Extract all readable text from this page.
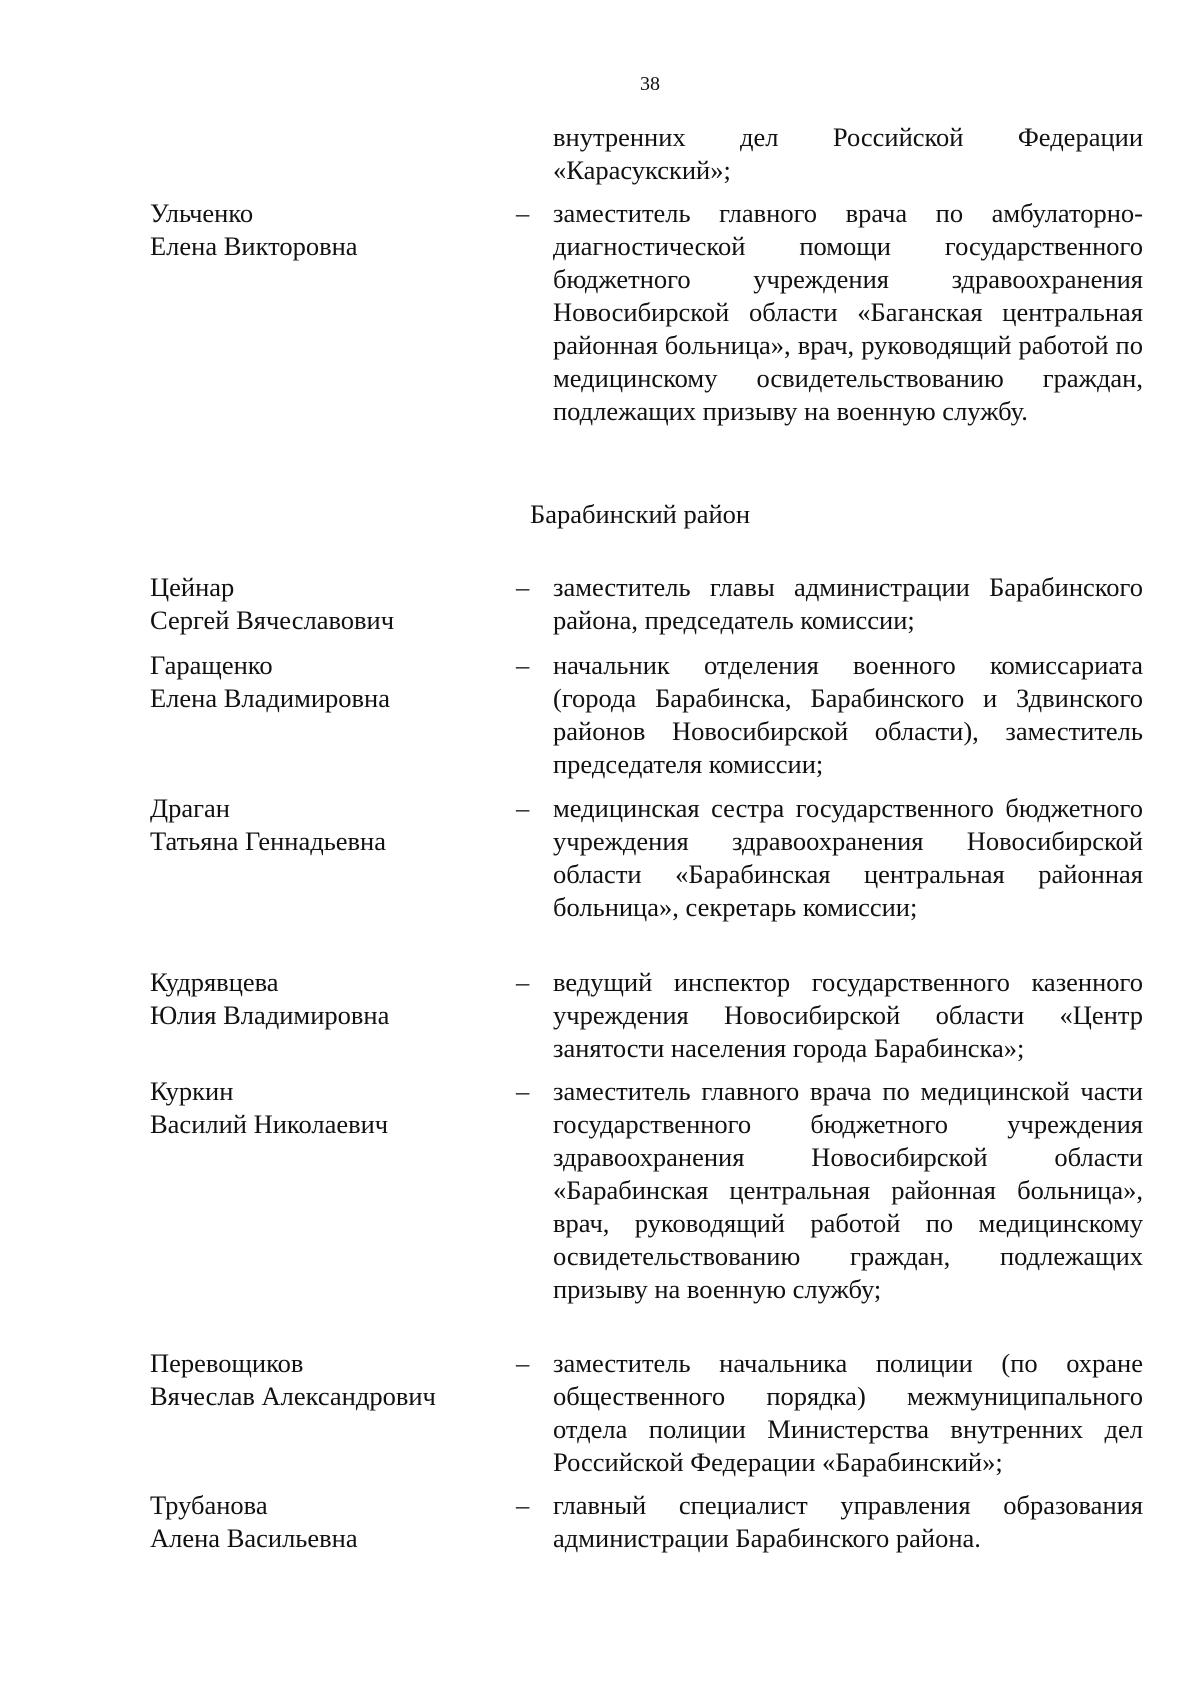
38
внутренних дел Российской Федерации «Карасукский»;
Ульченко
Елена Викторовна
– заместитель главного врача по амбулаторно-диагностической помощи государственного бюджетного учреждения здравоохранения Новосибирской области «Баганская центральная районная больница», врач, руководящий работой по медицинскому освидетельствованию граждан, подлежащих призыву на военную службу.
Барабинский район
Цейнар
Сергей Вячеславович
– заместитель главы администрации Барабинского района, председатель комиссии;
Гаращенко
Елена Владимировна
– начальник отделения военного комиссариата (города Барабинска, Барабинского и Здвинского районов Новосибирской области), заместитель председателя комиссии;
Драган
Татьяна Геннадьевна
– медицинская сестра государственного бюджетного учреждения здравоохранения Новосибирской области «Барабинская центральная районная больница», секретарь комиссии;
Кудрявцева
Юлия Владимировна
– ведущий инспектор государственного казенного учреждения Новосибирской области «Центр занятости населения города Барабинска»;
Куркин
Василий Николаевич
– заместитель главного врача по медицинской части государственного бюджетного учреждения здравоохранения Новосибирской области «Барабинская центральная районная больница», врач, руководящий работой по медицинскому освидетельствованию граждан, подлежащих призыву на военную службу;
Перевощиков
Вячеслав Александрович
– заместитель начальника полиции (по охране общественного порядка) межмуниципального отдела полиции Министерства внутренних дел Российской Федерации «Барабинский»;
Трубанова
Алена Васильевна
– главный специалист управления образования администрации Барабинского района.
